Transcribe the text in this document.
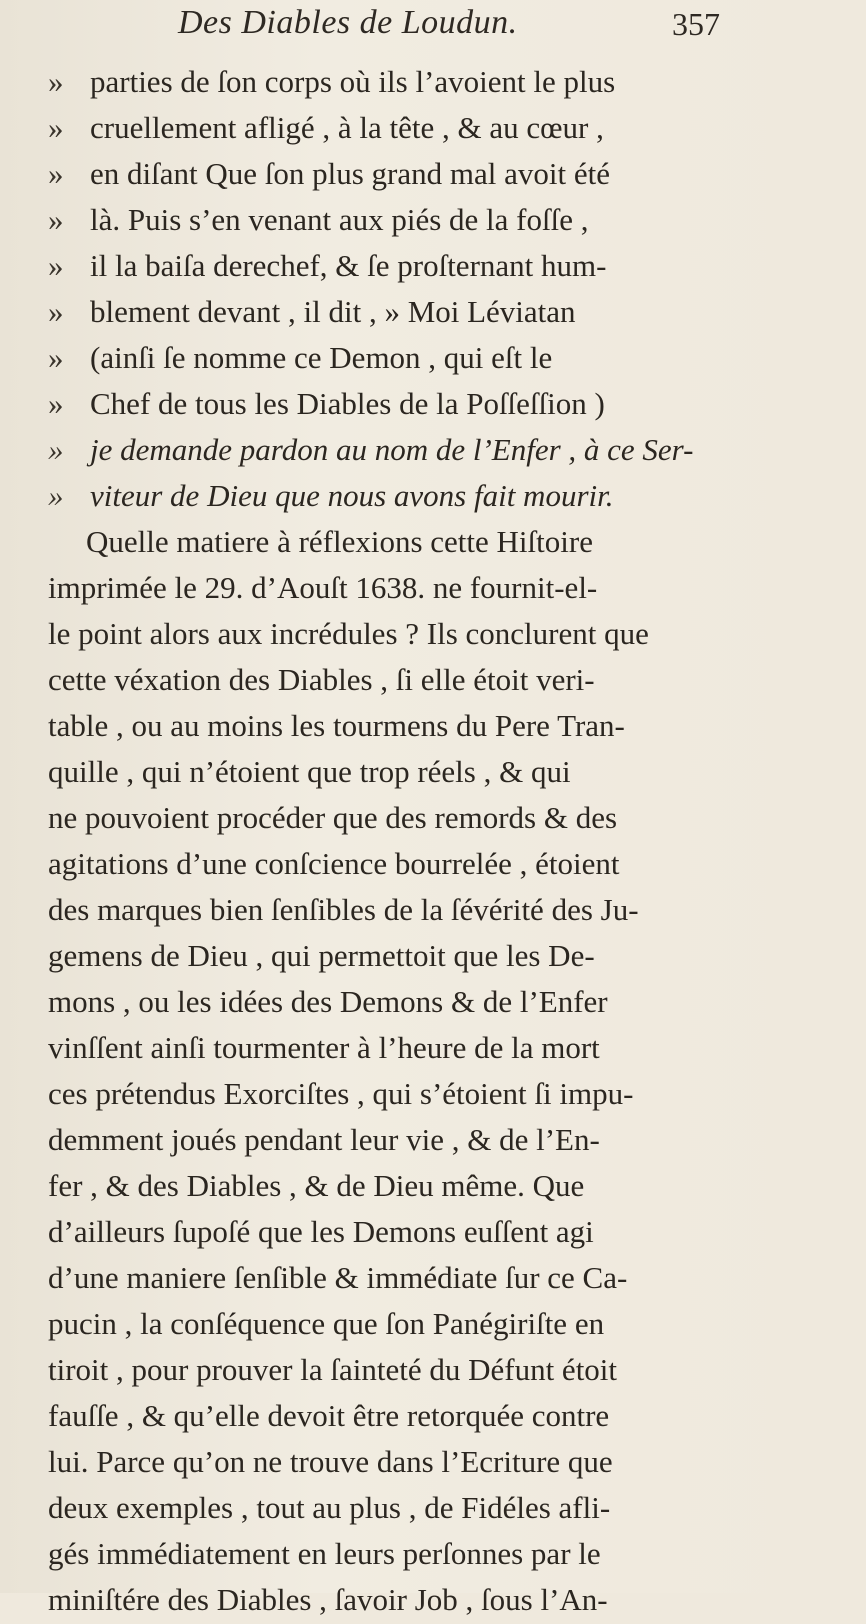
Des Diables de Loudun.	357
» parties de ſon corps où ils l’avoient le plus
» cruellement afligé , à la tête , & au cœur ,
» en diſant Que ſon plus grand mal avoit été
» là. Puis s’en venant aux piés de la foſſe ,
» il la baiſa derechef, & ſe proſternant hum-
» blement devant , il dit , » Moi Léviatan
» (ainſi ſe nomme ce Demon , qui eſt le
» Chef de tous les Diables de la Poſſeſſion )
» je demande pardon au nom de l’Enfer , à ce Ser-
» viteur de Dieu que nous avons fait mourir.
Quelle matiere à réflexions cette Hiſtoire
imprimée le 29. d’Aouſt 1638. ne fournit-el-
le point alors aux incrédules ? Ils conclurent que
cette véxation des Diables , ſi elle étoit veri-
table , ou au moins les tourmens du Pere Tran-
quille , qui n’étoient que trop réels , & qui
ne pouvoient procéder que des remords & des
agitations d’une conſcience bourrelée , étoient
des marques bien ſenſibles de la ſévérité des Ju-
gemens de Dieu , qui permettoit que les De-
mons , ou les idées des Demons & de l’Enfer
vinſſent ainſi tourmenter à l’heure de la mort
ces prétendus Exorciſtes , qui s’étoient ſi impu-
demment joués pendant leur vie , & de l’En-
fer , & des Diables , & de Dieu même. Que
d’ailleurs ſupoſé que les Demons euſſent agi
d’une maniere ſenſible & immédiate ſur ce Ca-
pucin , la conſéquence que ſon Panégiriſte en
tiroit , pour prouver la ſainteté du Défunt étoit
fauſſe , & qu’elle devoit être retorquée contre
lui. Parce qu’on ne trouve dans l’Ecriture que
deux exemples , tout au plus , de Fidéles afli-
gés immédiatement en leurs perſonnes par le
miniſtére des Diables , ſavoir Job , ſous l’An-
